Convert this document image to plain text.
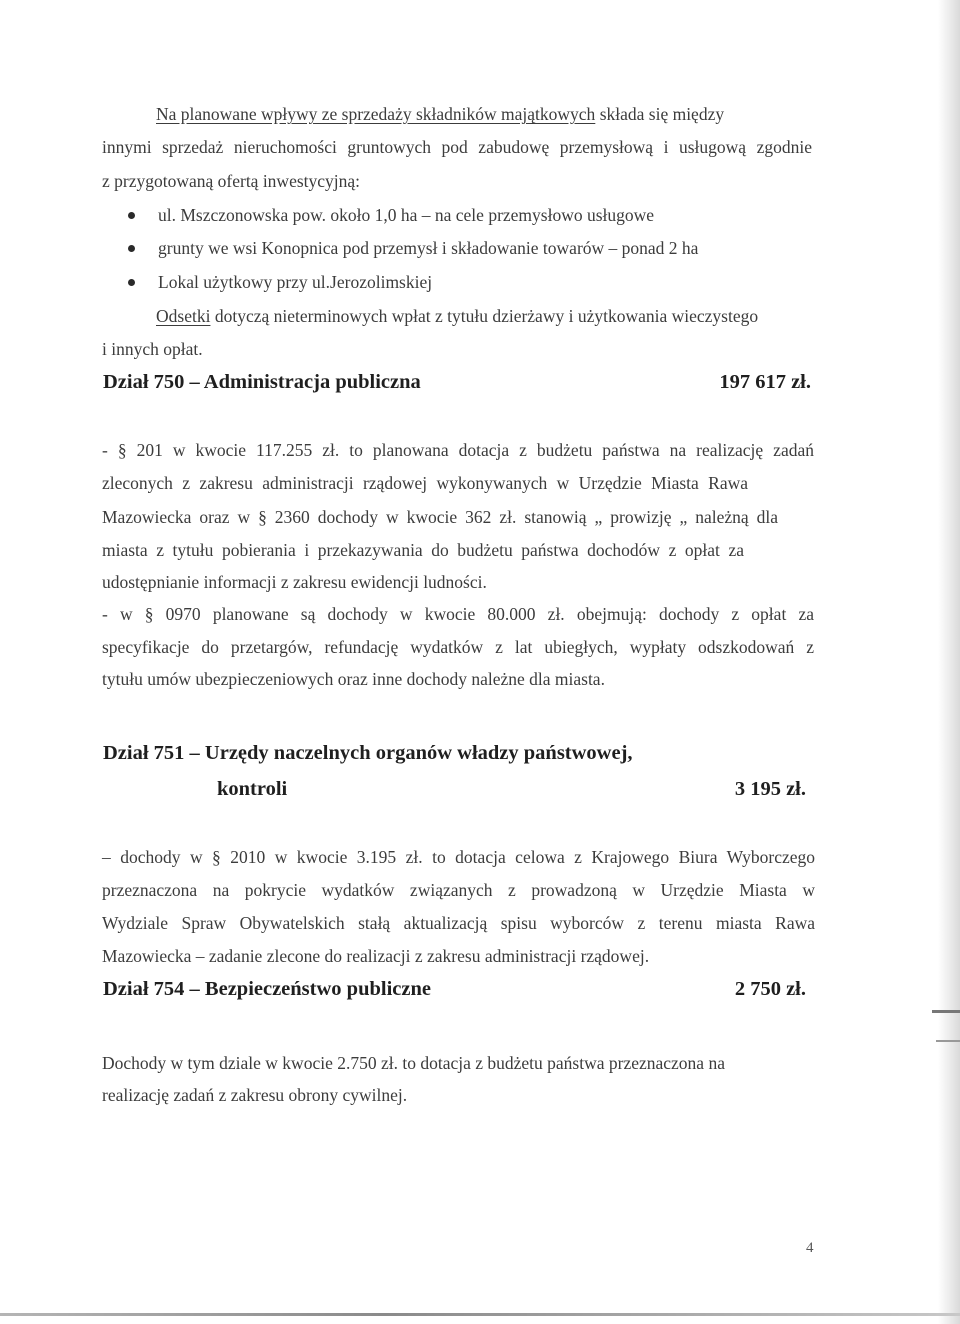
Na planowane wpływy ze sprzedaży składników majątkowych składa się między
innymi sprzedaż nieruchomości gruntowych pod zabudowę przemysłową i usługową zgodnie
z przygotowaną ofertą inwestycyjną:
ul. Mszczonowska pow. około 1,0 ha – na cele przemysłowo usługowe
grunty we wsi Konopnica pod przemysł i składowanie towarów – ponad 2 ha
Lokal użytkowy przy ul.Jerozolimskiej
Odsetki dotyczą nieterminowych wpłat z tytułu dzierżawy i użytkowania wieczystego
i innych opłat.
Dział 750 – Administracja publiczna	197 617 zł.
- § 201 w kwocie 117.255 zł. to planowana dotacja z budżetu państwa na realizację zadań
zleconych z zakresu administracji rządowej wykonywanych w Urzędzie Miasta Rawa
Mazowiecka oraz w § 2360 dochody w kwocie 362 zł. stanowią „ prowizję „ należną dla
miasta z tytułu pobierania i przekazywania do budżetu państwa dochodów z opłat za
udostępnianie informacji z zakresu ewidencji ludności.
- w § 0970 planowane są dochody w kwocie 80.000 zł. obejmują: dochody z opłat za
specyfikacje do przetargów, refundację wydatków z lat ubiegłych, wypłaty odszkodowań z
tytułu umów ubezpieczeniowych oraz inne dochody należne dla miasta.
Dział 751 – Urzędy naczelnych organów władzy państwowej,
kontroli	3 195 zł.
– dochody w § 2010 w kwocie 3.195 zł. to dotacja celowa z Krajowego Biura Wyborczego
przeznaczona na pokrycie wydatków związanych z prowadzoną w Urzędzie Miasta w
Wydziale Spraw Obywatelskich stałą aktualizacją spisu wyborców z terenu miasta Rawa
Mazowiecka – zadanie zlecone do realizacji z zakresu administracji rządowej.
Dział 754 – Bezpieczeństwo publiczne	2 750 zł.
Dochody w tym dziale w kwocie 2.750 zł. to dotacja z budżetu państwa przeznaczona na
realizację zadań z zakresu obrony cywilnej.
4
